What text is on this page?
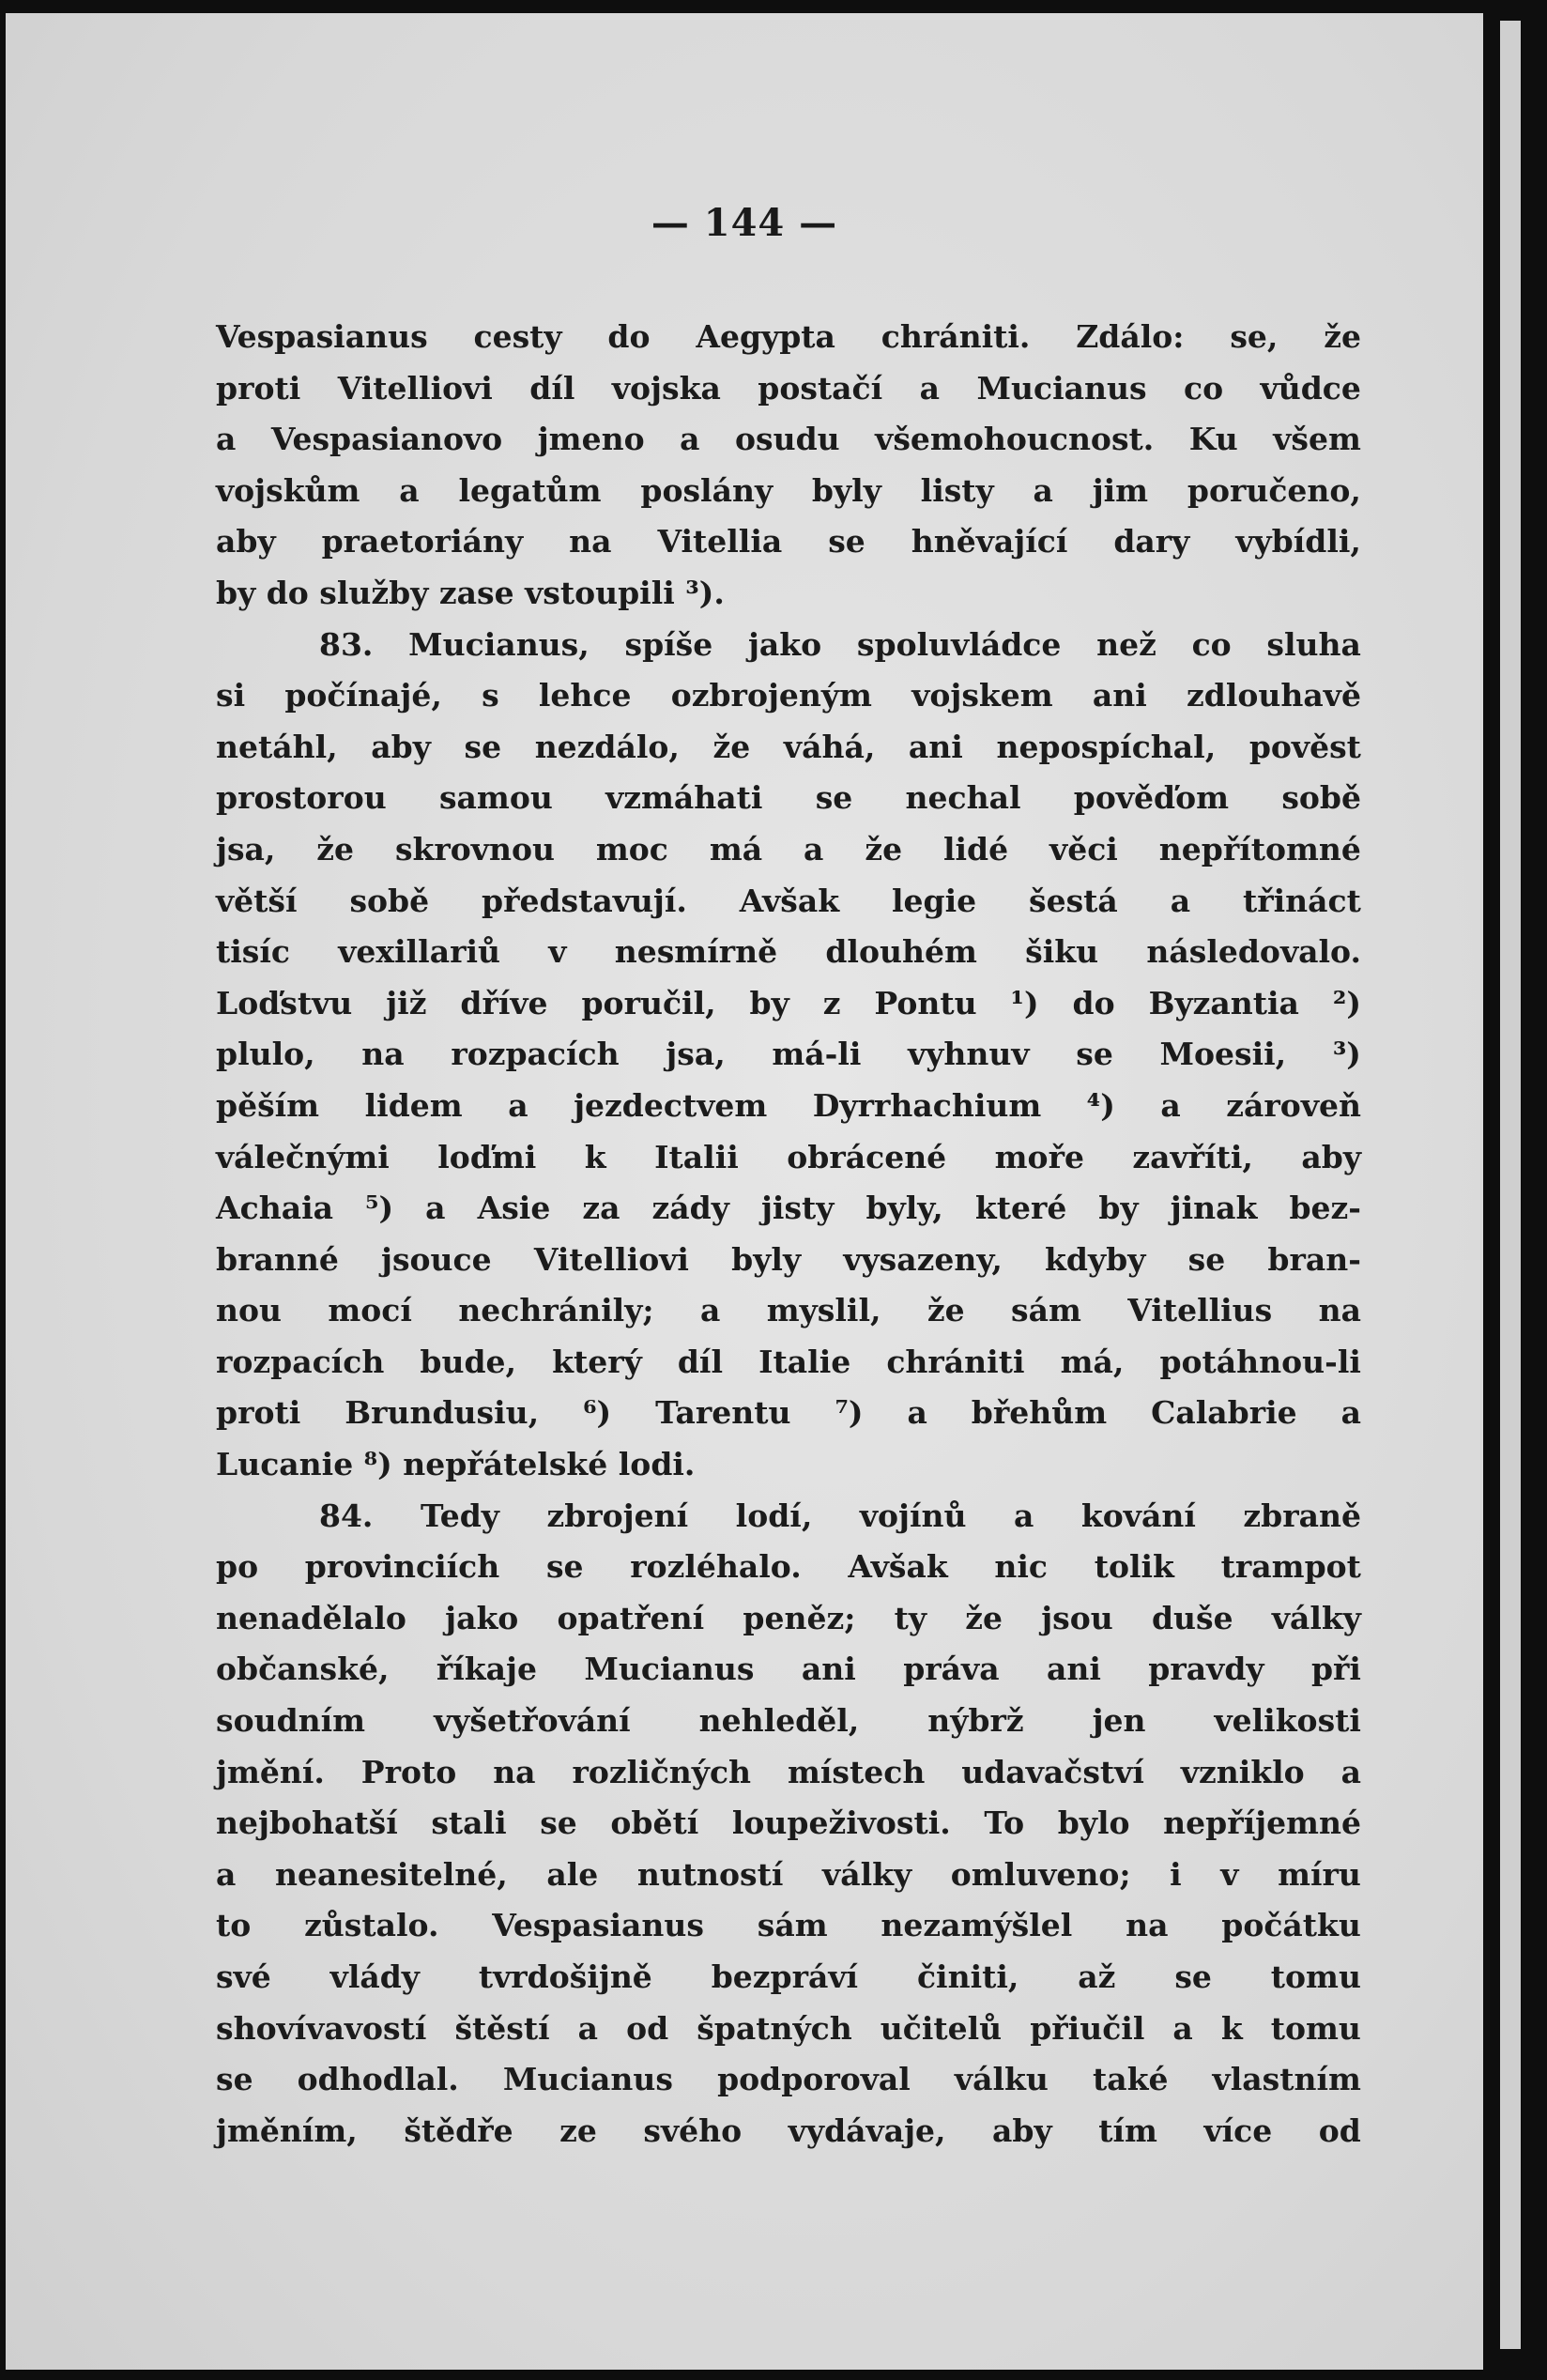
— 144 —
Vespasianus cesty do Aegypta chrániti. Zdálo: se, že
proti Vitelliovi díl vojska postačí a Mucianus co vůdce
a Vespasianovo jmeno a osudu všemohoucnost. Ku všem
vojskům a legatům poslány byly listy a jim poručeno,
aby praetoriány na Vitellia se hněvající dary vybídli,
by do služby zase vstoupili ³).
83. Mucianus, spíše jako spoluvládce než co sluha
si počínajé, s lehce ozbrojeným vojskem ani zdlouhavě
netáhl, aby se nezdálo, že váhá, ani nepospíchal, pověst
prostorou samou vzmáhati se nechal pověďom sobě
jsa, že skrovnou moc má a že lidé věci nepřítomné
větší sobě představují. Avšak legie šestá a třináct
tisíc vexillariů v nesmírně dlouhém šiku následovalo.
Loďstvu již dříve poručil, by z Pontu ¹) do Byzantia ²)
plulo, na rozpacích jsa, má-li vyhnuv se Moesii, ³)
pěším lidem a jezdectvem Dyrrhachium ⁴) a zároveň
válečnými loďmi k Italii obrácené moře zavříti, aby
Achaia ⁵) a Asie za zády jisty byly, které by jinak bez-
branné jsouce Vitelliovi byly vysazeny, kdyby se bran-
nou mocí nechránily; a myslil, že sám Vitellius na
rozpacích bude, který díl Italie chrániti má, potáhnou-li
proti Brundusiu, ⁶) Tarentu ⁷) a břehům Calabrie a
Lucanie ⁸) nepřátelské lodi.
84. Tedy zbrojení lodí, vojínů a kování zbraně
po provinciích se rozléhalo. Avšak nic tolik trampot
nenadělalo jako opatření peněz; ty že jsou duše války
občanské, říkaje Mucianus ani práva ani pravdy při
soudním vyšetřování nehleděl, nýbrž jen velikosti
jmění. Proto na rozličných místech udavačství vzniklo a
nejbohatší stali se obětí loupeživosti. To bylo nepříjemné
a neanesitelné, ale nutností války omluveno; i v míru
to zůstalo. Vespasianus sám nezamýšlel na počátku
své vlády tvrdošijně bezpráví činiti, až se tomu
shovívavostí štěstí a od špatných učitelů přiučil a k tomu
se odhodlal. Mucianus podporoval válku také vlastním
jměním, štědře ze svého vydávaje, aby tím více od
